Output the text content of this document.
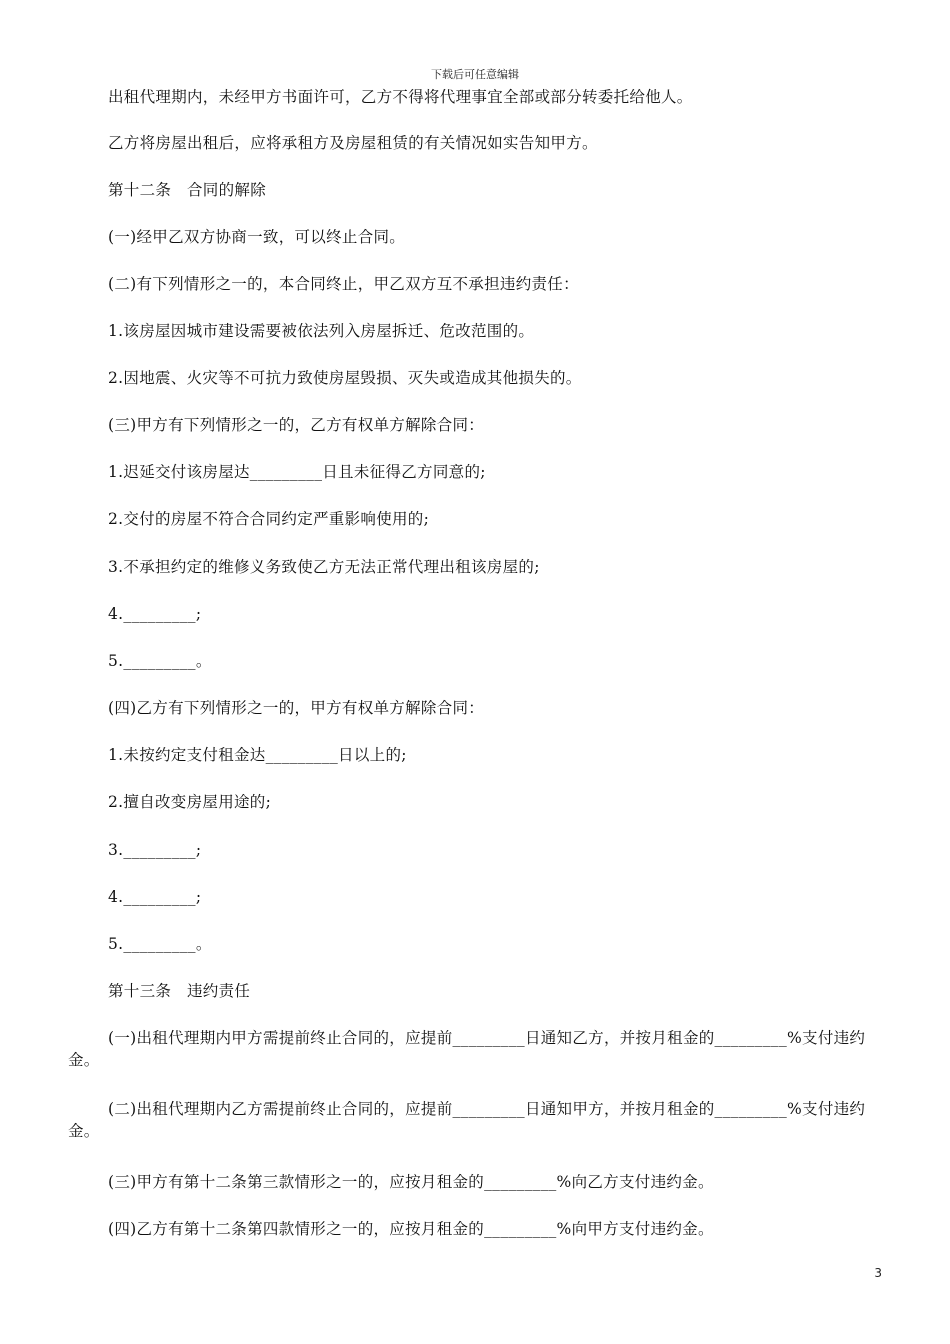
下载后可任意编辑
出租代理期内，未经甲方书面许可，乙方不得将代理事宜全部或部分转委托给他人。
乙方将房屋出租后，应将承租方及房屋租赁的有关情况如实告知甲方。
第十二条　合同的解除
(一)经甲乙双方协商一致，可以终止合同。
(二)有下列情形之一的，本合同终止，甲乙双方互不承担违约责任：
1.该房屋因城市建设需要被依法列入房屋拆迁、危改范围的。
2.因地震、火灾等不可抗力致使房屋毁损、灭失或造成其他损失的。
(三)甲方有下列情形之一的，乙方有权单方解除合同：
1.迟延交付该房屋达_________日且未征得乙方同意的;
2.交付的房屋不符合合同约定严重影响使用的;
3.不承担约定的维修义务致使乙方无法正常代理出租该房屋的;
4._________;
5._________。
(四)乙方有下列情形之一的，甲方有权单方解除合同：
1.未按约定支付租金达_________日以上的;
2.擅自改变房屋用途的;
3._________;
4._________;
5._________。
第十三条　违约责任
(一)出租代理期内甲方需提前终止合同的，应提前_________日通知乙方，并按月租金的_________%支付违约金。
(二)出租代理期内乙方需提前终止合同的，应提前_________日通知甲方，并按月租金的_________%支付违约金。
(三)甲方有第十二条第三款情形之一的，应按月租金的_________%向乙方支付违约金。
(四)乙方有第十二条第四款情形之一的，应按月租金的_________%向甲方支付违约金。
3
